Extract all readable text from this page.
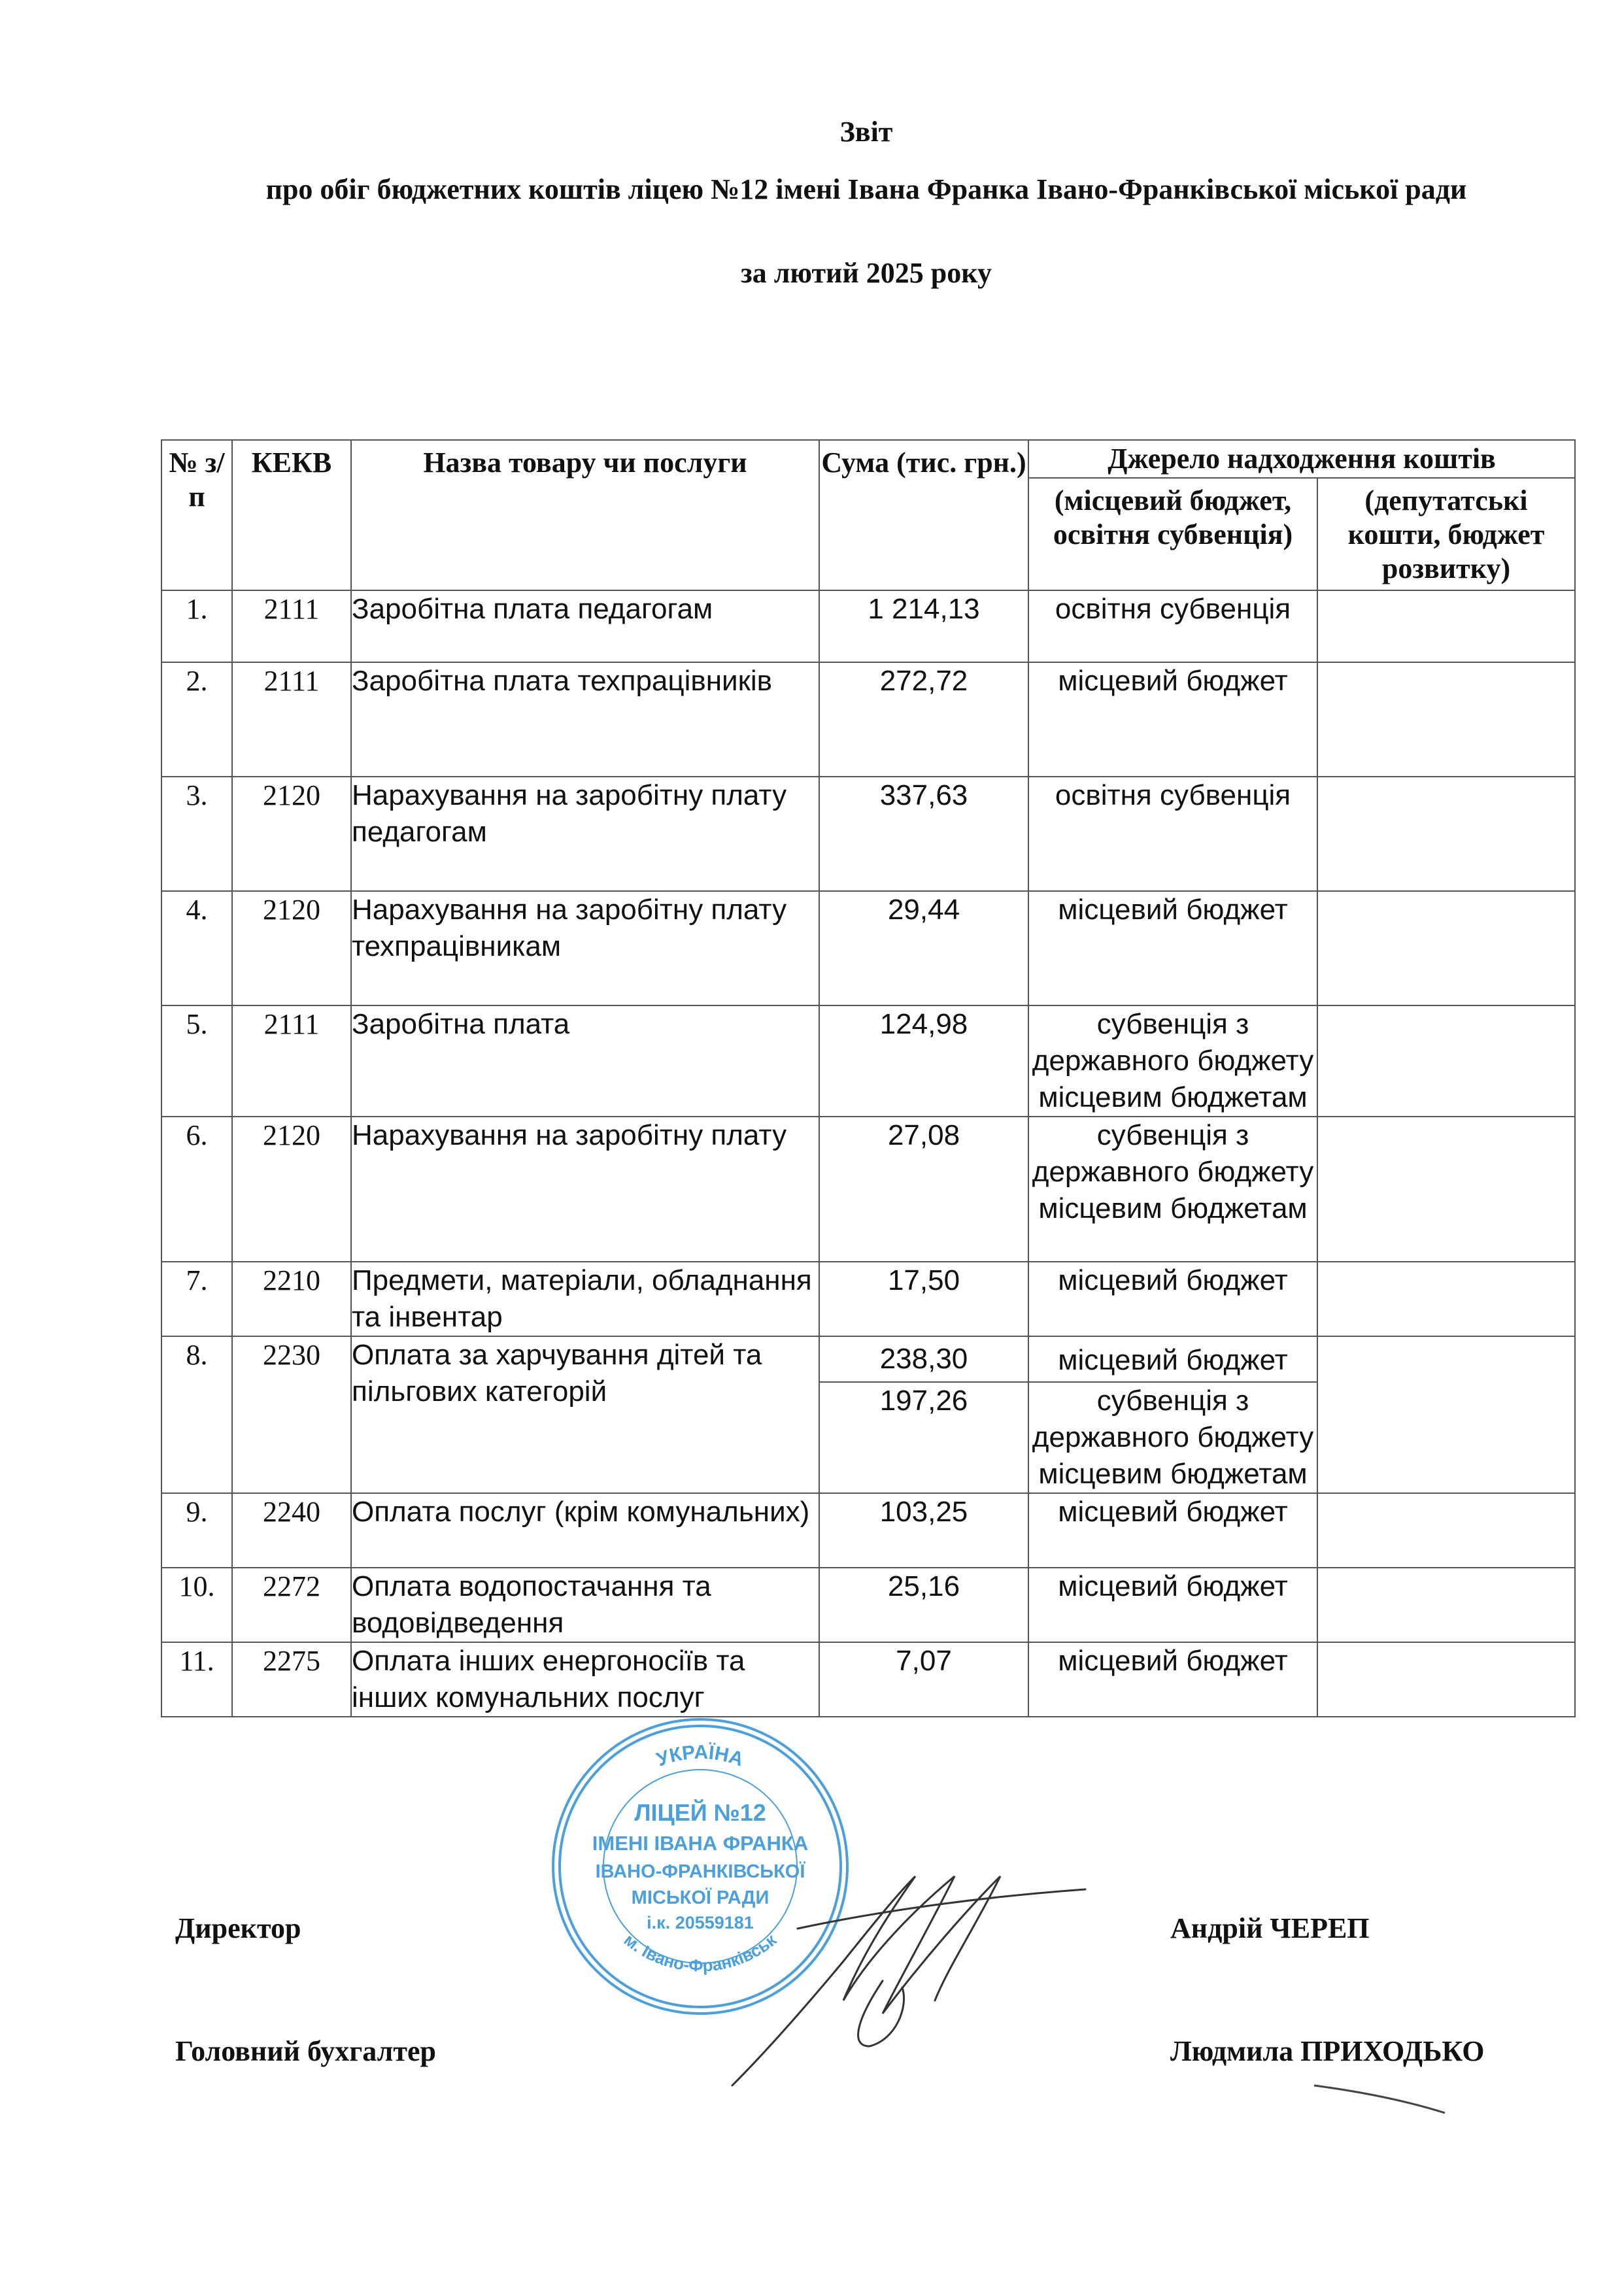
Звіт
про обіг бюджетних коштів ліцею №12 імені Івана Франка Івано-Франківської міської ради
за лютий 2025 року
№ з/п	КЕКВ	Назва товару чи послуги	Сума (тис. грн.)	Джерело надходження коштів	
				(місцевий бюджет, освітня субвенція)	(депутатські кошти, бюджет розвитку)
1.	2111	Заробітна плата педагогам	1 214,13	освітня субвенція	
2.	2111	Заробітна плата техпрацівників	272,72	місцевий бюджет	
3.	2120	Нарахування на заробітну плату педагогам	337,63	освітня субвенція	
4.	2120	Нарахування на заробітну плату техпрацівникам	29,44	місцевий бюджет	
5.	2111	Заробітна плата	124,98	субвенція з державного бюджету місцевим бюджетам	
6.	2120	Нарахування на заробітну плату	27,08	субвенція з державного бюджету місцевим бюджетам	
7.	2210	Предмети, матеріали, обладнання та інвентар	17,50	місцевий бюджет	
8.	2230	Оплата за харчування дітей та пільгових категорій	238,30	місцевий бюджет	
			197,26	субвенція з державного бюджету місцевим бюджетам	
9.	2240	Оплата послуг (крім комунальних)	103,25	місцевий бюджет	
10.	2272	Оплата водопостачання та водовідведення	25,16	місцевий бюджет	
11.	2275	Оплата інших енергоносіїв та інших комунальних послуг	7,07	місцевий бюджет	
Директор	Андрій ЧЕРЕП
Головний бухгалтер	Людмила ПРИХОДЬКО
УКРАЇНА
м. Івано-Франківськ
ЛІЦЕЙ №12
ІМЕНІ ІВАНА ФРАНКА
ІВАНО-ФРАНКІВСЬКОЇ
МІСЬКОЇ РАДИ
і.к. 20559181
